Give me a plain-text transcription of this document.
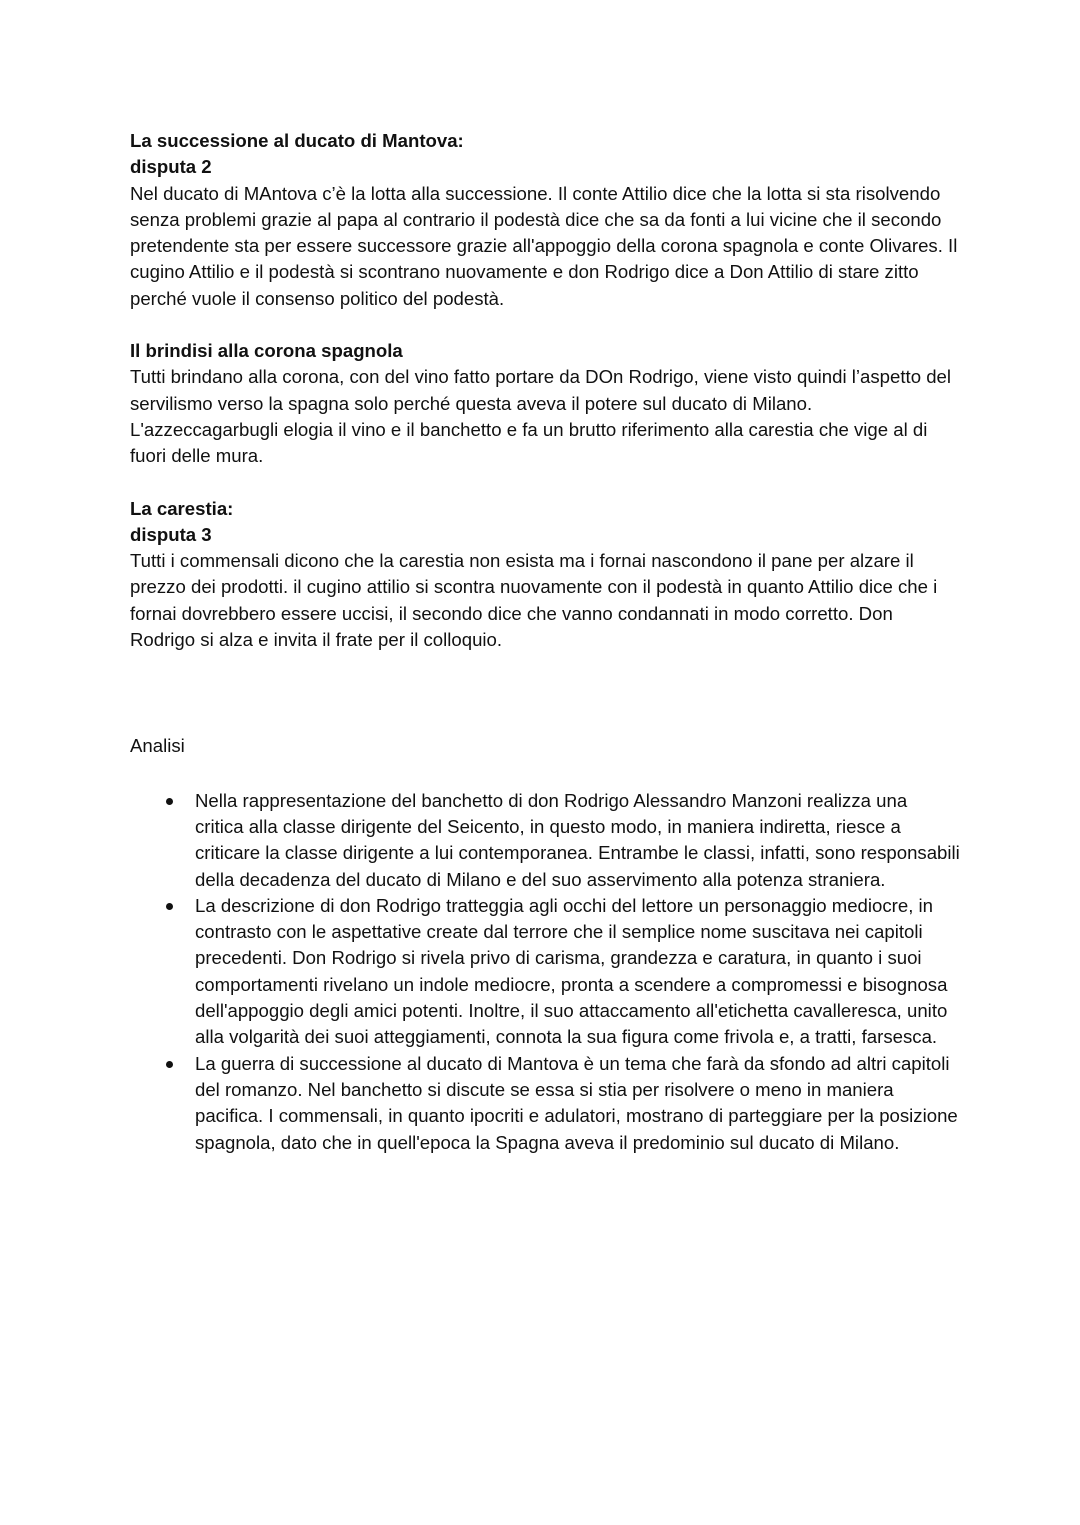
La successione al ducato di Mantova:

disputa 2

Nel ducato di MAntova c’è la lotta alla successione. Il conte Attilio dice che la lotta si sta risolvendo senza problemi grazie al papa al contrario il podestà dice che sa da fonti a lui vicine che il secondo pretendente sta per essere successore grazie all'appoggio della corona spagnola e conte Olivares. Il cugino Attilio e il podestà si scontrano nuovamente e don Rodrigo dice a Don Attilio di stare zitto perché vuole il consenso politico del podestà.

Il brindisi alla corona spagnola

Tutti brindano alla corona, con del vino fatto portare da DOn Rodrigo, viene visto quindi l’aspetto del servilismo verso la spagna solo perché questa aveva il potere sul ducato di Milano.

L'azzeccagarbugli elogia il vino e il banchetto e fa un brutto riferimento alla carestia che vige al di fuori delle mura.

La carestia:

disputa 3

Tutti i commensali dicono che la carestia non esista ma i fornai nascondono il pane per alzare il prezzo dei prodotti. il cugino attilio si scontra nuovamente con il podestà in quanto Attilio dice che i fornai dovrebbero essere uccisi, il secondo dice che vanno condannati in modo corretto. Don Rodrigo si alza e invita il frate per il colloquio.

Analisi

Nella rappresentazione del banchetto di don Rodrigo Alessandro Manzoni realizza una critica alla classe dirigente del Seicento, in questo modo, in maniera indiretta, riesce a criticare la classe dirigente a lui contemporanea. Entrambe le classi, infatti, sono responsabili della decadenza del ducato di Milano e del suo asservimento alla potenza straniera.
La descrizione di don Rodrigo tratteggia agli occhi del lettore un personaggio mediocre, in contrasto con le aspettative create dal terrore che il semplice nome suscitava nei capitoli precedenti. Don Rodrigo si rivela privo di carisma, grandezza e caratura, in quanto i suoi comportamenti rivelano un indole mediocre, pronta a scendere a compromessi e bisognosa dell'appoggio degli amici potenti. Inoltre, il suo attaccamento all'etichetta cavalleresca, unito alla volgarità dei suoi atteggiamenti, connota la sua figura come frivola e, a tratti, farsesca.
La guerra di successione al ducato di Mantova è un tema che farà da sfondo ad altri capitoli del romanzo. Nel banchetto si discute se essa si stia per risolvere o meno in maniera pacifica. I commensali, in quanto ipocriti e adulatori, mostrano di parteggiare per la posizione spagnola, dato che in quell'epoca la Spagna aveva il predominio sul ducato di Milano.
